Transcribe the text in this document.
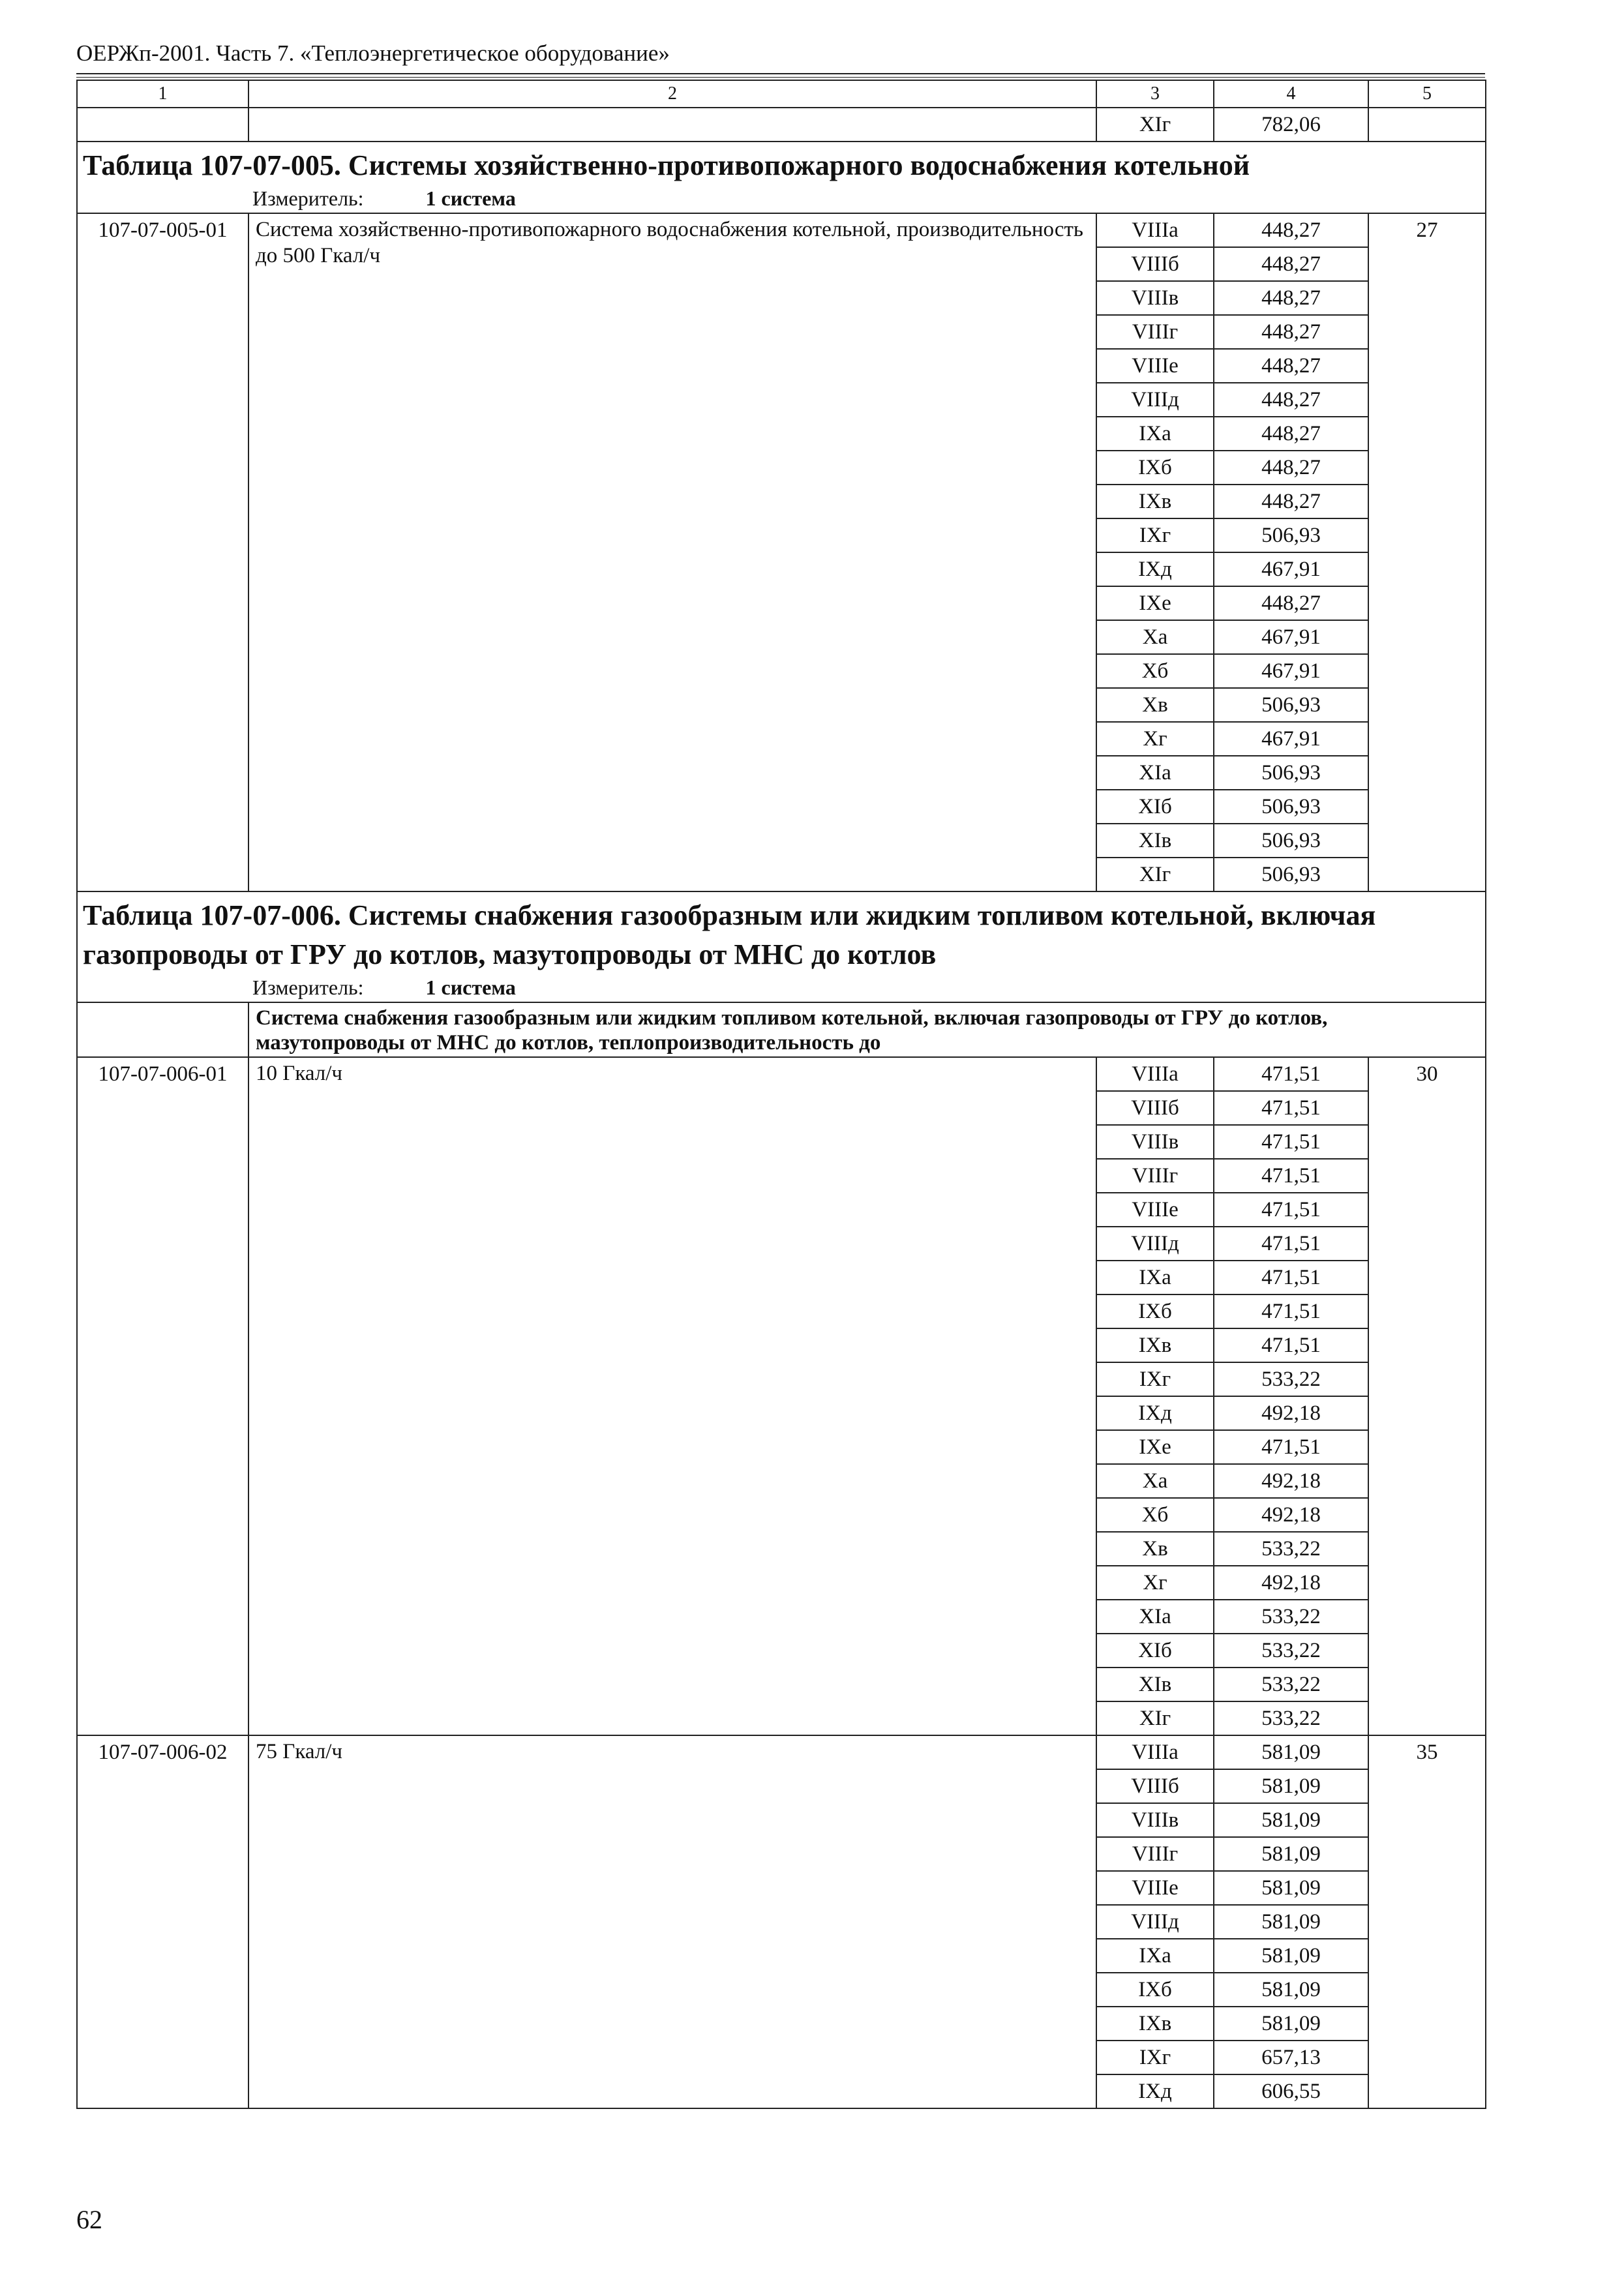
ОЕРЖп-2001. Часть 7. «Теплоэнергетическое оборудование»
1	2	3	4	5
		XIг	782,06	

Таблица 107-07-005. Системы хозяйственно-противопожарного водоснабжения котельной
Измеритель: 1 система				

107-07-005-01	Система хозяйственно-противопожарного водоснабжения котельной, производительность до 500 Гкал/ч	VIIIа	448,27	27
		VIIIб	448,27	
		VIIIв	448,27	
		VIIIг	448,27	
		VIIIе	448,27	
		VIIIд	448,27	
		IXа	448,27	
		IXб	448,27	
		IXв	448,27	
		IXг	506,93	
		IXд	467,91	
		IXе	448,27	
		Xа	467,91	
		Xб	467,91	
		Xв	506,93	
		Xг	467,91	
		XIа	506,93	
		XIб	506,93	
		XIв	506,93	
		XIг	506,93	

Таблица 107-07-006. Системы снабжения газообразным или жидким топливом котельной, включая газопроводы от ГРУ до котлов, мазутопроводы от МНС до котлов
Измеритель: 1 система				

	Система снабжения газообразным или жидким топливом котельной, включая газопроводы от ГРУ до котлов, мазутопроводы от МНС до котлов, теплопроизводительность до			
107-07-006-01	10 Гкал/ч	VIIIа	471,51	30
		VIIIб	471,51	
		VIIIв	471,51	
		VIIIг	471,51	
		VIIIе	471,51	
		VIIIд	471,51	
		IXа	471,51	
		IXб	471,51	
		IXв	471,51	
		IXг	533,22	
		IXд	492,18	
		IXе	471,51	
		Xа	492,18	
		Xб	492,18	
		Xв	533,22	
		Xг	492,18	
		XIа	533,22	
		XIб	533,22	
		XIв	533,22	
		XIг	533,22	
107-07-006-02	75 Гкал/ч	VIIIа	581,09	35
		VIIIб	581,09	
		VIIIв	581,09	
		VIIIг	581,09	
		VIIIе	581,09	
		VIIIд	581,09	
		IXа	581,09	
		IXб	581,09	
		IXв	581,09	
		IXг	657,13	
		IXд	606,55	
62
